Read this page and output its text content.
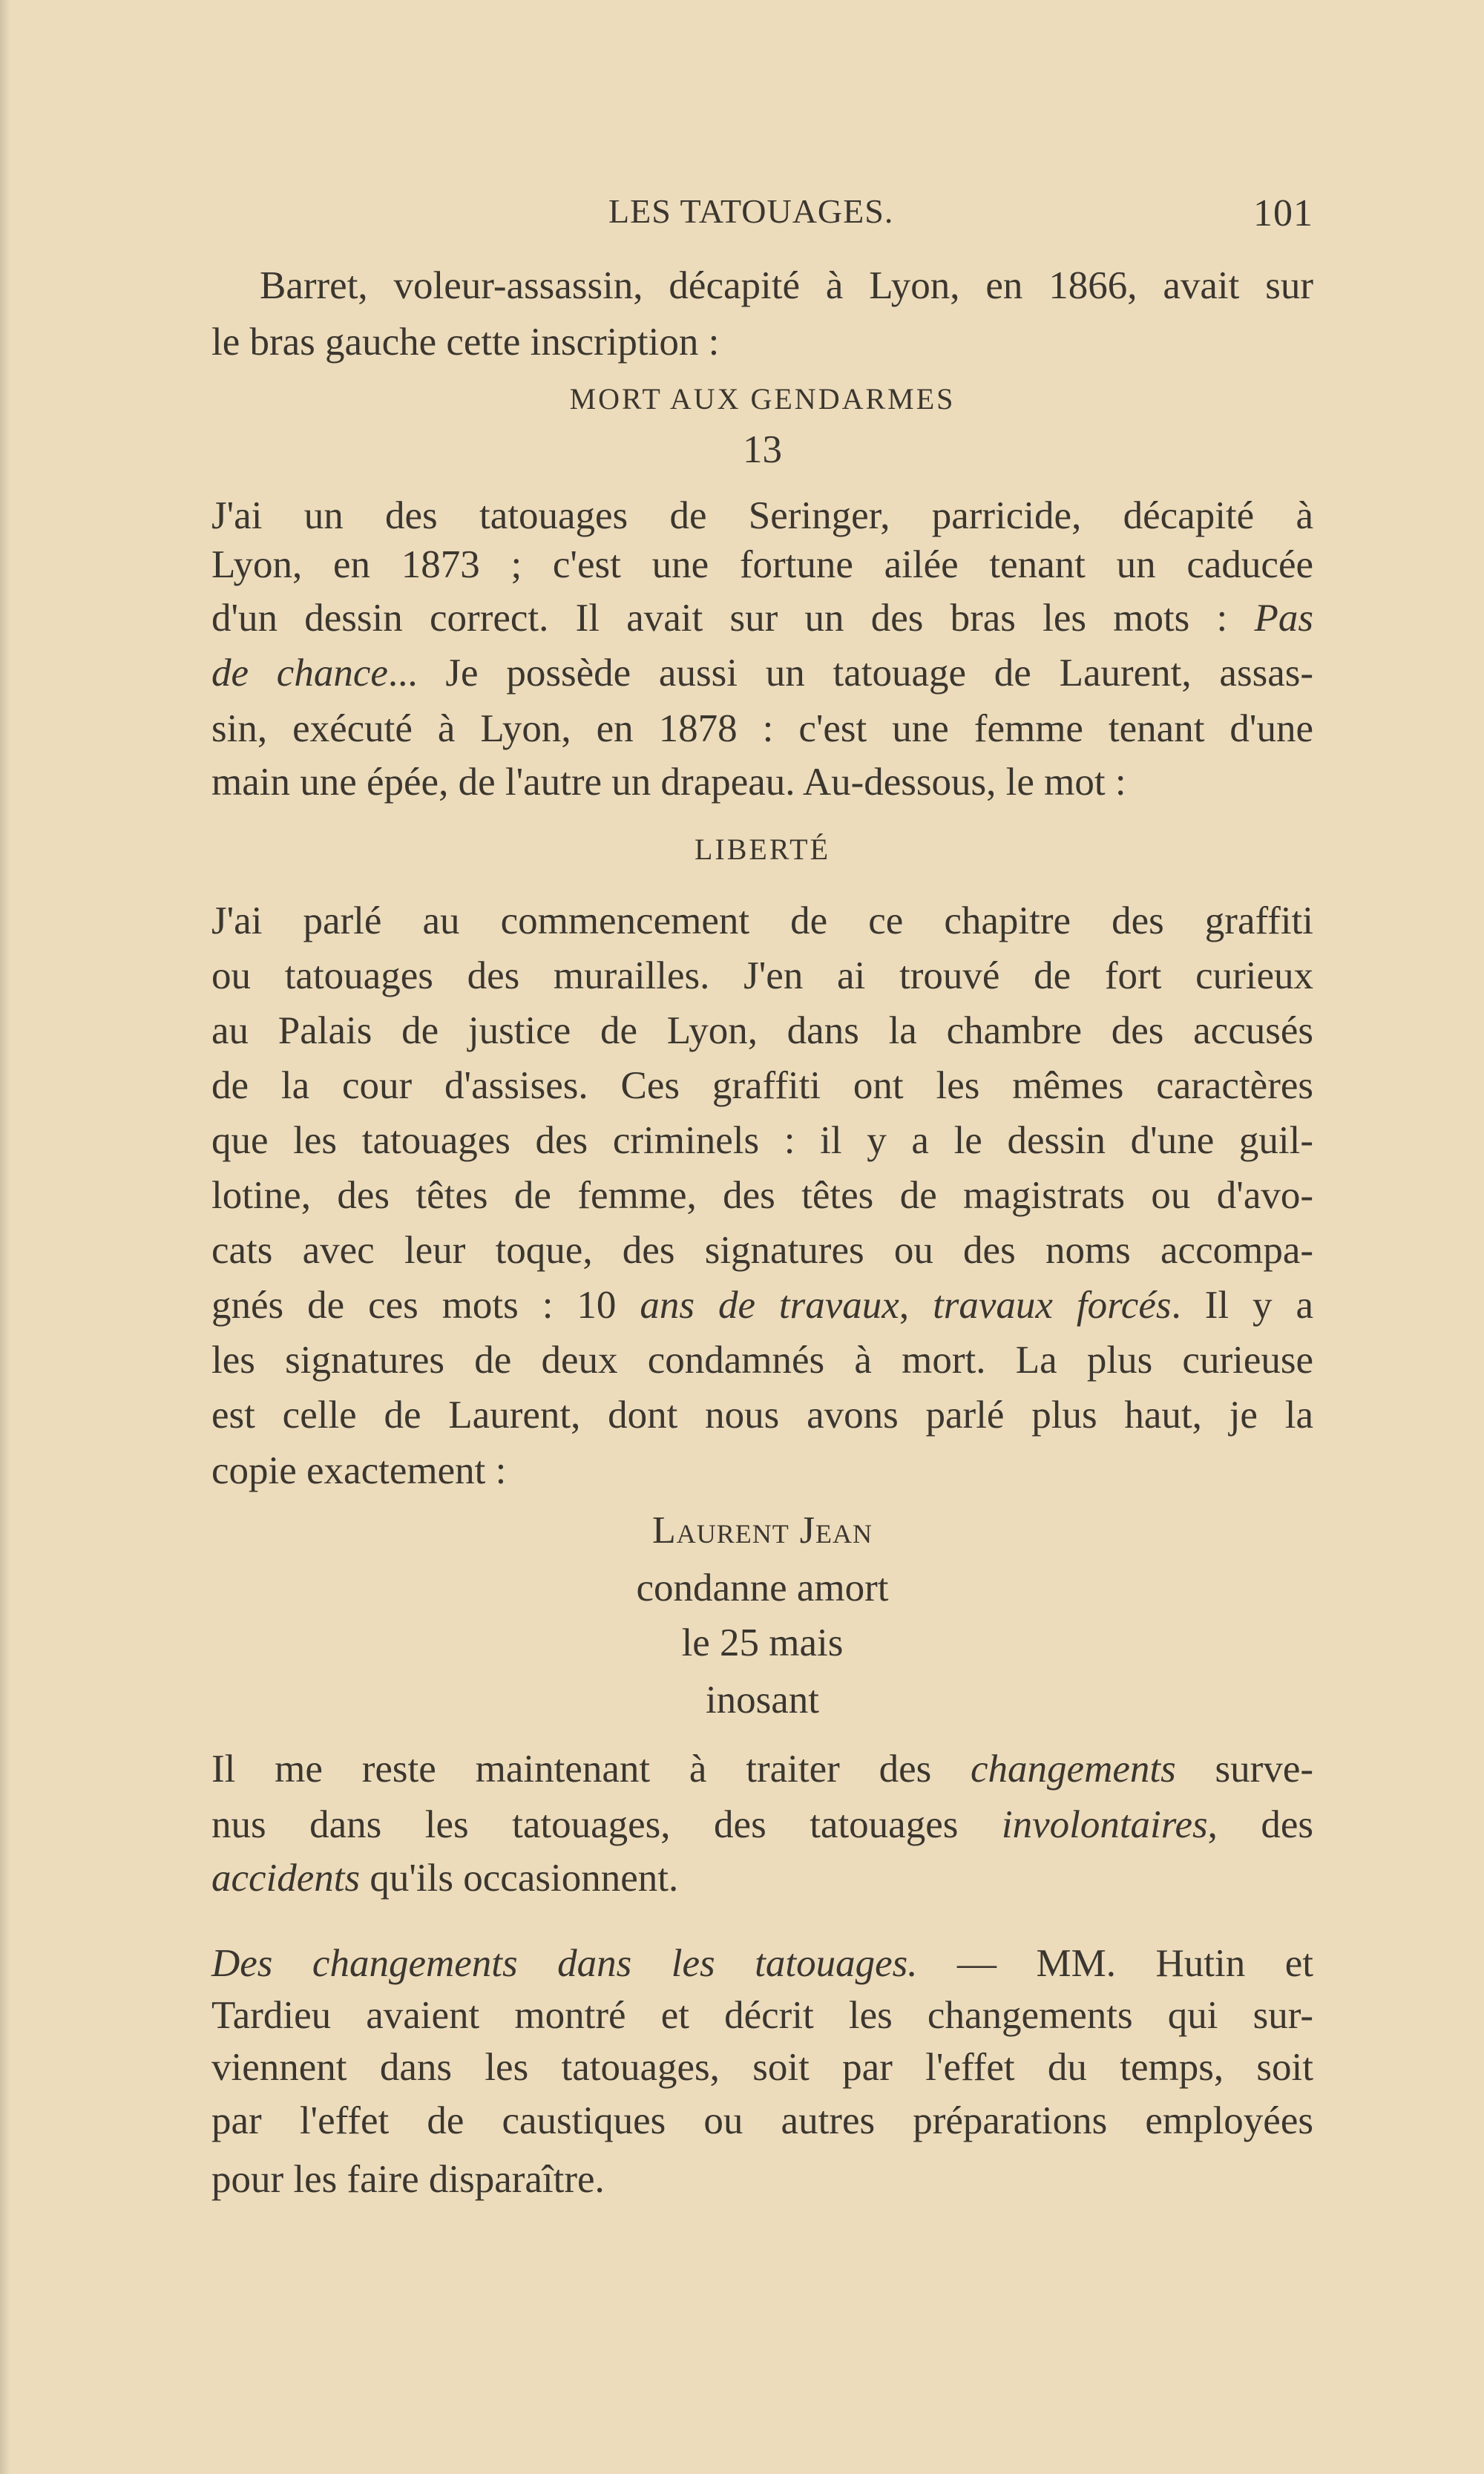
LES TATOUAGES.	101
Barret, voleur-assassin, décapité à Lyon, en 1866, avait sur
le bras gauche cette inscription :
MORT AUX GENDARMES
13
J'ai un des tatouages de Seringer, parricide, décapité à
Lyon, en 1873 ; c'est une fortune ailée tenant un caducée
d'un dessin correct. Il avait sur un des bras les mots : Pas
de chance... Je possède aussi un tatouage de Laurent, assas-
sin, exécuté à Lyon, en 1878 : c'est une femme tenant d'une
main une épée, de l'autre un drapeau. Au-dessous, le mot :
LIBERTÉ
J'ai parlé au commencement de ce chapitre des graffiti
ou tatouages des murailles. J'en ai trouvé de fort curieux
au Palais de justice de Lyon, dans la chambre des accusés
de la cour d'assises. Ces graffiti ont les mêmes caractères
que les tatouages des criminels : il y a le dessin d'une guil-
lotine, des têtes de femme, des têtes de magistrats ou d'avo-
cats avec leur toque, des signatures ou des noms accompa-
gnés de ces mots : 10 ans de travaux, travaux forcés. Il y a
les signatures de deux condamnés à mort. La plus curieuse
est celle de Laurent, dont nous avons parlé plus haut, je la
copie exactement :
Laurent Jean
condanne amort
le 25 mais
inosant
Il me reste maintenant à traiter des changements surve-
nus dans les tatouages, des tatouages involontaires, des
accidents qu'ils occasionnent.
Des changements dans les tatouages. — MM. Hutin et
Tardieu avaient montré et décrit les changements qui sur-
viennent dans les tatouages, soit par l'effet du temps, soit
par l'effet de caustiques ou autres préparations employées
pour les faire disparaître.
